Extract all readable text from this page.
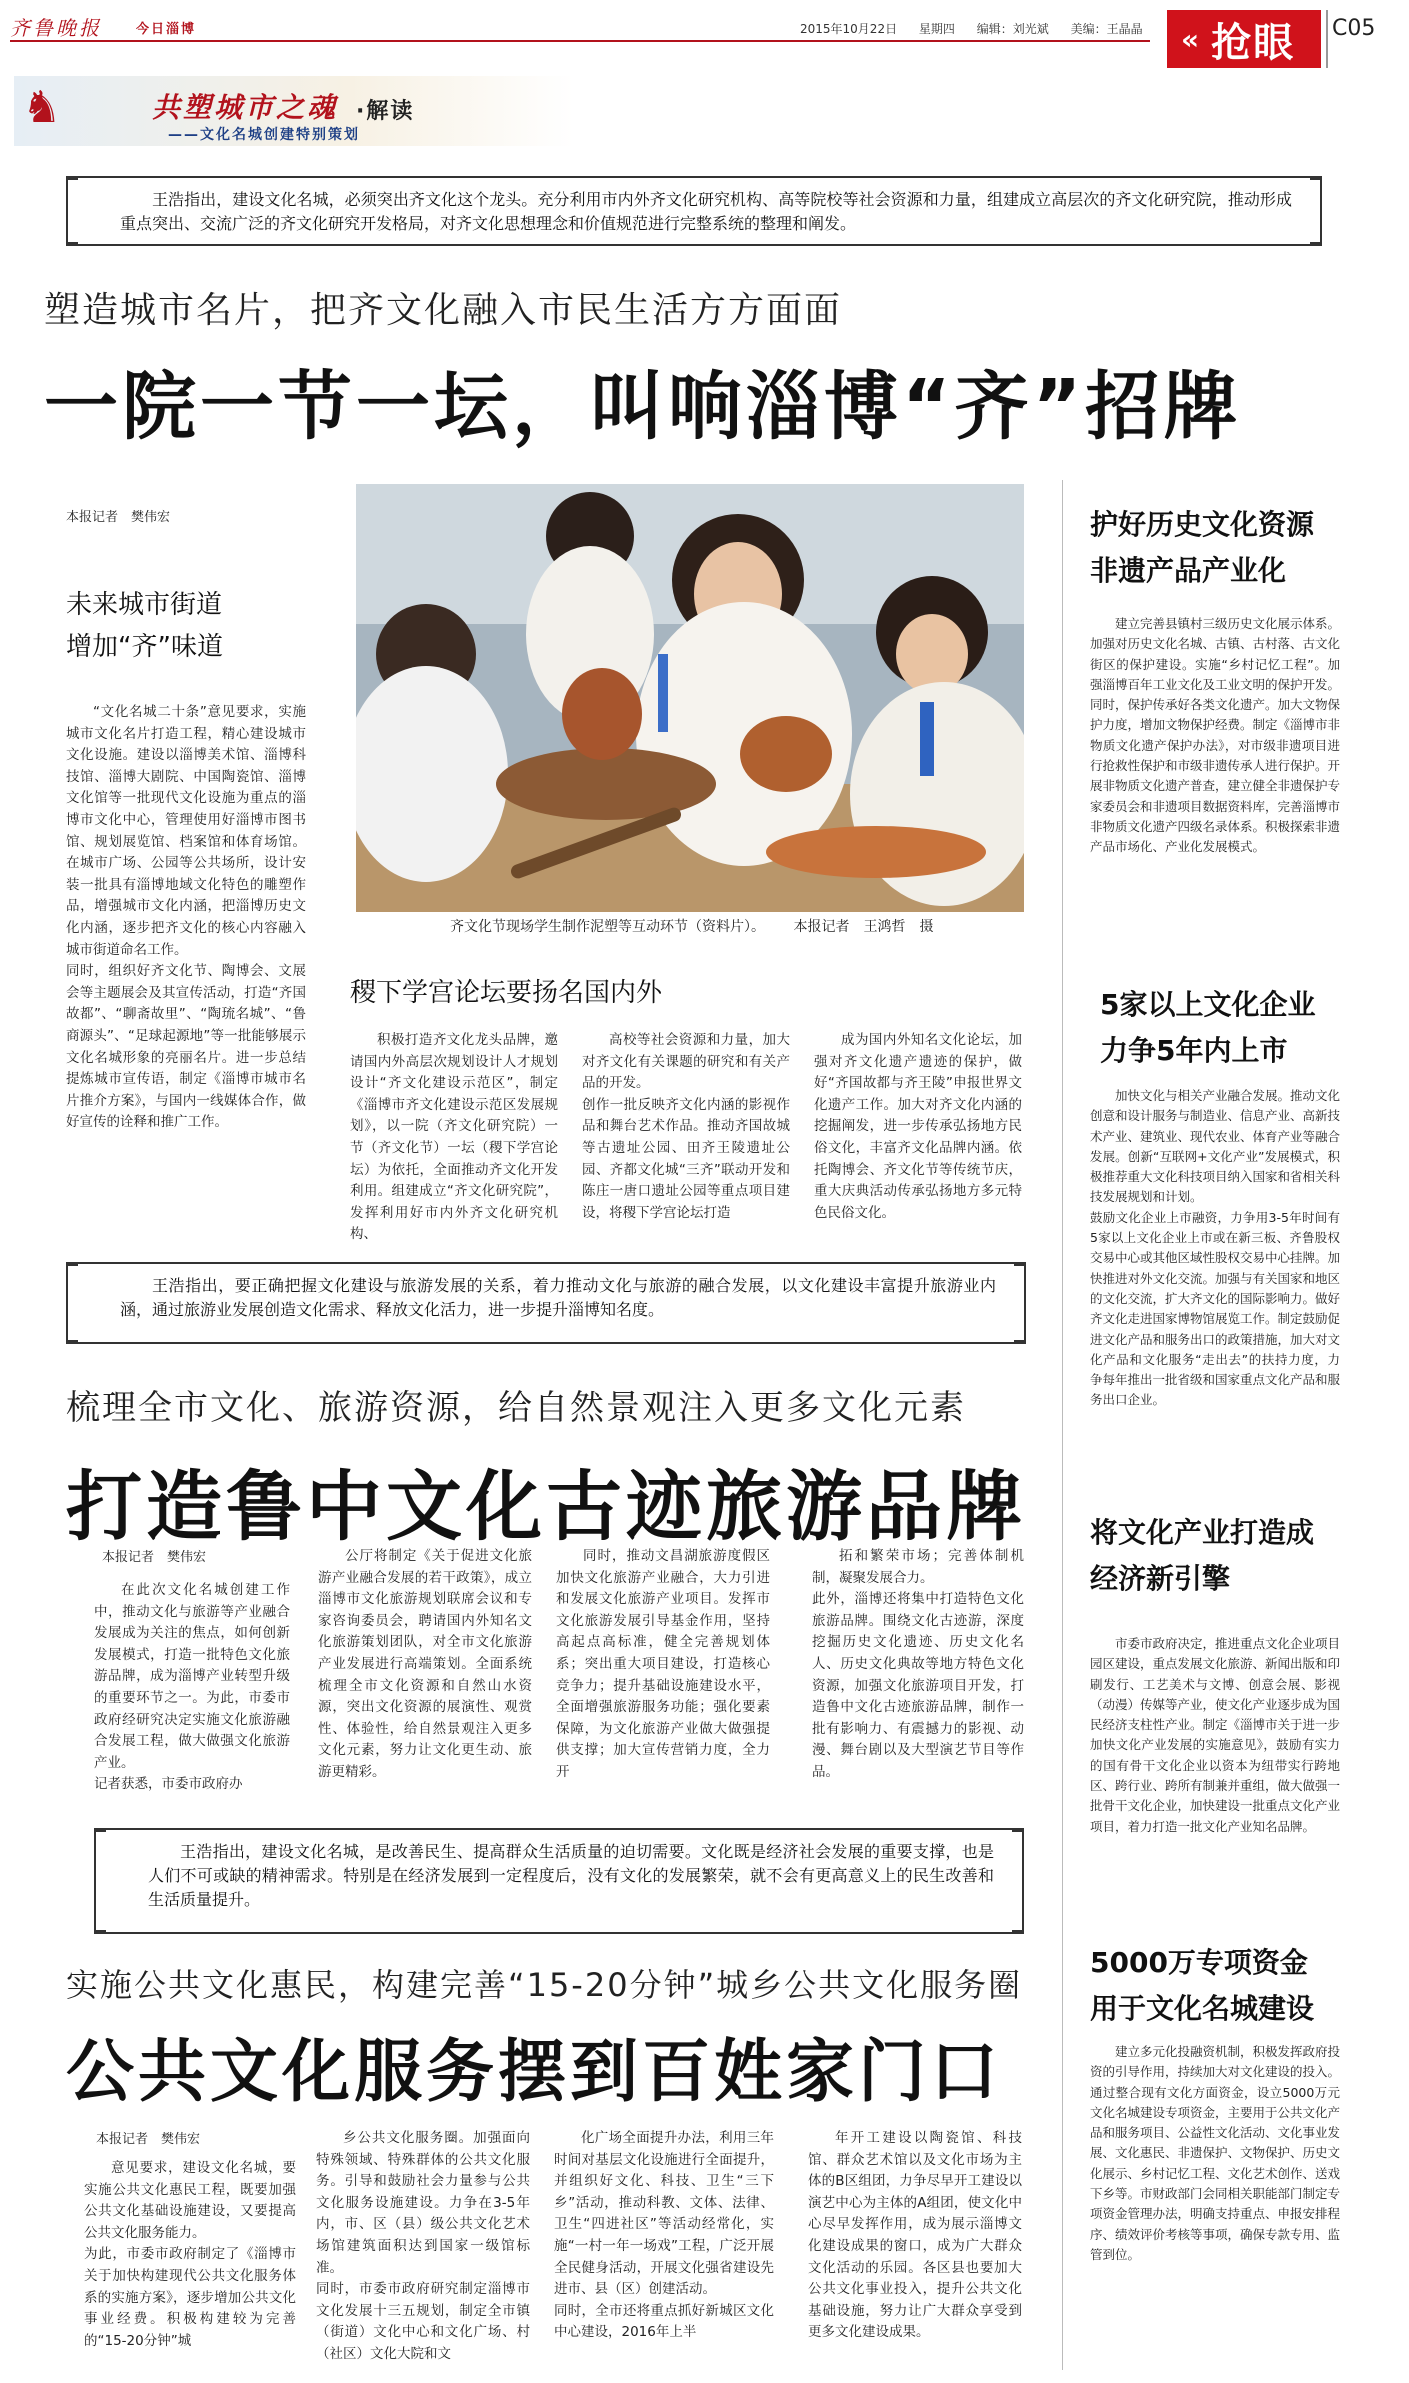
齐鲁晚报	今日淄博	2015年10月22日 星期四 编辑：刘光斌 美编：王晶晶	« 抢眼 C05
♞	共塑城市之魂
——文化名城创建特别策划
·解读

王浩指出，建设文化名城，必须突出齐文化这个龙头。充分利用市内外齐文化研究机构、高等院校等社会资源和力量，组建成立高层次的齐文化研究院，推动形成重点突出、交流广泛的齐文化研究开发格局，对齐文化思想理念和价值规范进行完整系统的整理和阐发。

塑造城市名片，把齐文化融入市民生活方方面面
一院一节一坛，叫响淄博“齐”招牌
本报记者　樊伟宏
未来城市街道
增加“齐”味道
“文化名城二十条”意见要求，实施城市文化名片打造工程，精心建设城市文化设施。建设以淄博美术馆、淄博科技馆、淄博大剧院、中国陶瓷馆、淄博文化馆等一批现代文化设施为重点的淄博市文化中心，管理使用好淄博市图书馆、规划展览馆、档案馆和体育场馆。在城市广场、公园等公共场所，设计安装一批具有淄博地域文化特色的雕塑作品，增强城市文化内涵，把淄博历史文化内涵，逐步把齐文化的核心内容融入城市街道命名工作。
同时，组织好齐文化节、陶博会、文展会等主题展会及其宣传活动，打造“齐国故都”、“聊斋故里”、“陶琉名城”、“鲁商源头”、“足球起源地”等一批能够展示文化名城形象的亮丽名片。进一步总结提炼城市宣传语，制定《淄博市城市名片推介方案》，与国内一线媒体合作，做好宣传的诠释和推广工作。
齐文化节现场学生制作泥塑等互动环节（资料片）。 本报记者　王鸿哲　摄
稷下学宫论坛要扬名国内外
积极打造齐文化龙头品牌，邀请国内外高层次规划设计人才规划设计“齐文化建设示范区”，制定《淄博市齐文化建设示范区发展规划》，以一院（齐文化研究院）一节（齐文化节）一坛（稷下学宫论坛）为依托，全面推动齐文化开发利用。组建成立“齐文化研究院”，发挥利用好市内外齐文化研究机构、
高校等社会资源和力量，加大对齐文化有关课题的研究和有关产品的开发。
创作一批反映齐文化内涵的影视作品和舞台艺术作品。推动齐国故城等古遗址公园、田齐王陵遗址公园、齐都文化城“三齐”联动开发和陈庄一唐口遗址公园等重点项目建设，将稷下学宫论坛打造
成为国内外知名文化论坛，加强对齐文化遗产遗迹的保护，做好“齐国故都与齐王陵”申报世界文化遗产工作。加大对齐文化内涵的挖掘阐发，进一步传承弘扬地方民俗文化，丰富齐文化品牌内涵。依托陶博会、齐文化节等传统节庆，重大庆典活动传承弘扬地方多元特色民俗文化。

王浩指出，要正确把握文化建设与旅游发展的关系，着力推动文化与旅游的融合发展，以文化建设丰富提升旅游业内涵，通过旅游业发展创造文化需求、释放文化活力，进一步提升淄博知名度。

梳理全市文化、旅游资源，给自然景观注入更多文化元素
打造鲁中文化古迹旅游品牌
本报记者　樊伟宏
在此次文化名城创建工作中，推动文化与旅游等产业融合发展成为关注的焦点，如何创新发展模式，打造一批特色文化旅游品牌，成为淄博产业转型升级的重要环节之一。为此，市委市政府经研究决定实施文化旅游融合发展工程，做大做强文化旅游产业。
记者获悉，市委市政府办
公厅将制定《关于促进文化旅游产业融合发展的若干政策》，成立淄博市文化旅游规划联席会议和专家咨询委员会，聘请国内外知名文化旅游策划团队，对全市文化旅游产业发展进行高端策划。全面系统梳理全市文化资源和自然山水资源，突出文化资源的展演性、观赏性、体验性，给自然景观注入更多文化元素，努力让文化更生动、旅游更精彩。
同时，推动文昌湖旅游度假区加快文化旅游产业融合，大力引进和发展文化旅游产业项目。发挥市文化旅游发展引导基金作用，坚持高起点高标准，健全完善规划体系；突出重大项目建设，打造核心竞争力；提升基础设施建设水平，全面增强旅游服务功能；强化要素保障，为文化旅游产业做大做强提供支撑；加大宣传营销力度，全力开
拓和繁荣市场；完善体制机制，凝聚发展合力。
此外，淄博还将集中打造特色文化旅游品牌。围绕文化古迹游，深度挖掘历史文化遗迹、历史文化名人、历史文化典故等地方特色文化资源，加强文化旅游项目开发，打造鲁中文化古迹旅游品牌，制作一批有影响力、有震撼力的影视、动漫、舞台剧以及大型演艺节目等作品。

王浩指出，建设文化名城，是改善民生、提高群众生活质量的迫切需要。文化既是经济社会发展的重要支撑，也是人们不可或缺的精神需求。特别是在经济发展到一定程度后，没有文化的发展繁荣，就不会有更高意义上的民生改善和生活质量提升。

实施公共文化惠民，构建完善“15-20分钟”城乡公共文化服务圈
公共文化服务摆到百姓家门口
本报记者　樊伟宏
意见要求，建设文化名城，要实施公共文化惠民工程，既要加强公共文化基础设施建设，又要提高公共文化服务能力。
为此，市委市政府制定了《淄博市关于加快构建现代公共文化服务体系的实施方案》，逐步增加公共文化事业经费。积极构建较为完善的“15-20分钟”城
乡公共文化服务圈。加强面向特殊领域、特殊群体的公共文化服务。引导和鼓励社会力量参与公共文化服务设施建设。力争在3-5年内，市、区（县）级公共文化艺术场馆建筑面积达到国家一级馆标准。
同时，市委市政府研究制定淄博市文化发展十三五规划，制定全市镇（街道）文化中心和文化广场、村（社区）文化大院和文
化广场全面提升办法，利用三年时间对基层文化设施进行全面提升，并组织好文化、科技、卫生“三下乡”活动，推动科教、文体、法律、卫生“四进社区”等活动经常化，实施“一村一年一场戏”工程，广泛开展全民健身活动，开展文化强省建设先进市、县（区）创建活动。
同时，全市还将重点抓好新城区文化中心建设，2016年上半
年开工建设以陶瓷馆、科技馆、群众艺术馆以及文化市场为主体的B区组团，力争尽早开工建设以演艺中心为主体的A组团，使文化中心尽早发挥作用，成为展示淄博文化建设成果的窗口，成为广大群众文化活动的乐园。各区县也要加大公共文化事业投入，提升公共文化基础设施，努力让广大群众享受到更多文化建设成果。
护好历史文化资源
非遗产品产业化
建立完善县镇村三级历史文化展示体系。加强对历史文化名城、古镇、古村落、古文化街区的保护建设。实施“乡村记忆工程”。加强淄博百年工业文化及工业文明的保护开发。
同时，保护传承好各类文化遗产。加大文物保护力度，增加文物保护经费。制定《淄博市非物质文化遗产保护办法》，对市级非遗项目进行抢救性保护和市级非遗传承人进行保护。开展非物质文化遗产普查，建立健全非遗保护专家委员会和非遗项目数据资料库，完善淄博市非物质文化遗产四级名录体系。积极探索非遗产品市场化、产业化发展模式。
5家以上文化企业
力争5年内上市
加快文化与相关产业融合发展。推动文化创意和设计服务与制造业、信息产业、高新技术产业、建筑业、现代农业、体育产业等融合发展。创新“互联网+文化产业”发展模式，积极推荐重大文化科技项目纳入国家和省相关科技发展规划和计划。
鼓励文化企业上市融资，力争用3-5年时间有5家以上文化企业上市或在新三板、齐鲁股权交易中心或其他区域性股权交易中心挂牌。加快推进对外文化交流。加强与有关国家和地区的文化交流，扩大齐文化的国际影响力。做好齐文化走进国家博物馆展览工作。制定鼓励促进文化产品和服务出口的政策措施，加大对文化产品和文化服务“走出去”的扶持力度，力争每年推出一批省级和国家重点文化产品和服务出口企业。
将文化产业打造成
经济新引擎
市委市政府决定，推进重点文化企业项目园区建设，重点发展文化旅游、新闻出版和印刷发行、工艺美术与文博、创意会展、影视（动漫）传媒等产业，使文化产业逐步成为国民经济支柱性产业。制定《淄博市关于进一步加快文化产业发展的实施意见》，鼓励有实力的国有骨干文化企业以资本为纽带实行跨地区、跨行业、跨所有制兼并重组，做大做强一批骨干文化企业，加快建设一批重点文化产业项目，着力打造一批文化产业知名品牌。
5000万专项资金
用于文化名城建设
建立多元化投融资机制，积极发挥政府投资的引导作用，持续加大对文化建设的投入。
通过整合现有文化方面资金，设立5000万元文化名城建设专项资金，主要用于公共文化产品和服务项目、公益性文化活动、文化事业发展、文化惠民、非遗保护、文物保护、历史文化展示、乡村记忆工程、文化艺术创作、送戏下乡等。市财政部门会同相关职能部门制定专项资金管理办法，明确支持重点、申报安排程序、绩效评价考核等事项，确保专款专用、监管到位。
